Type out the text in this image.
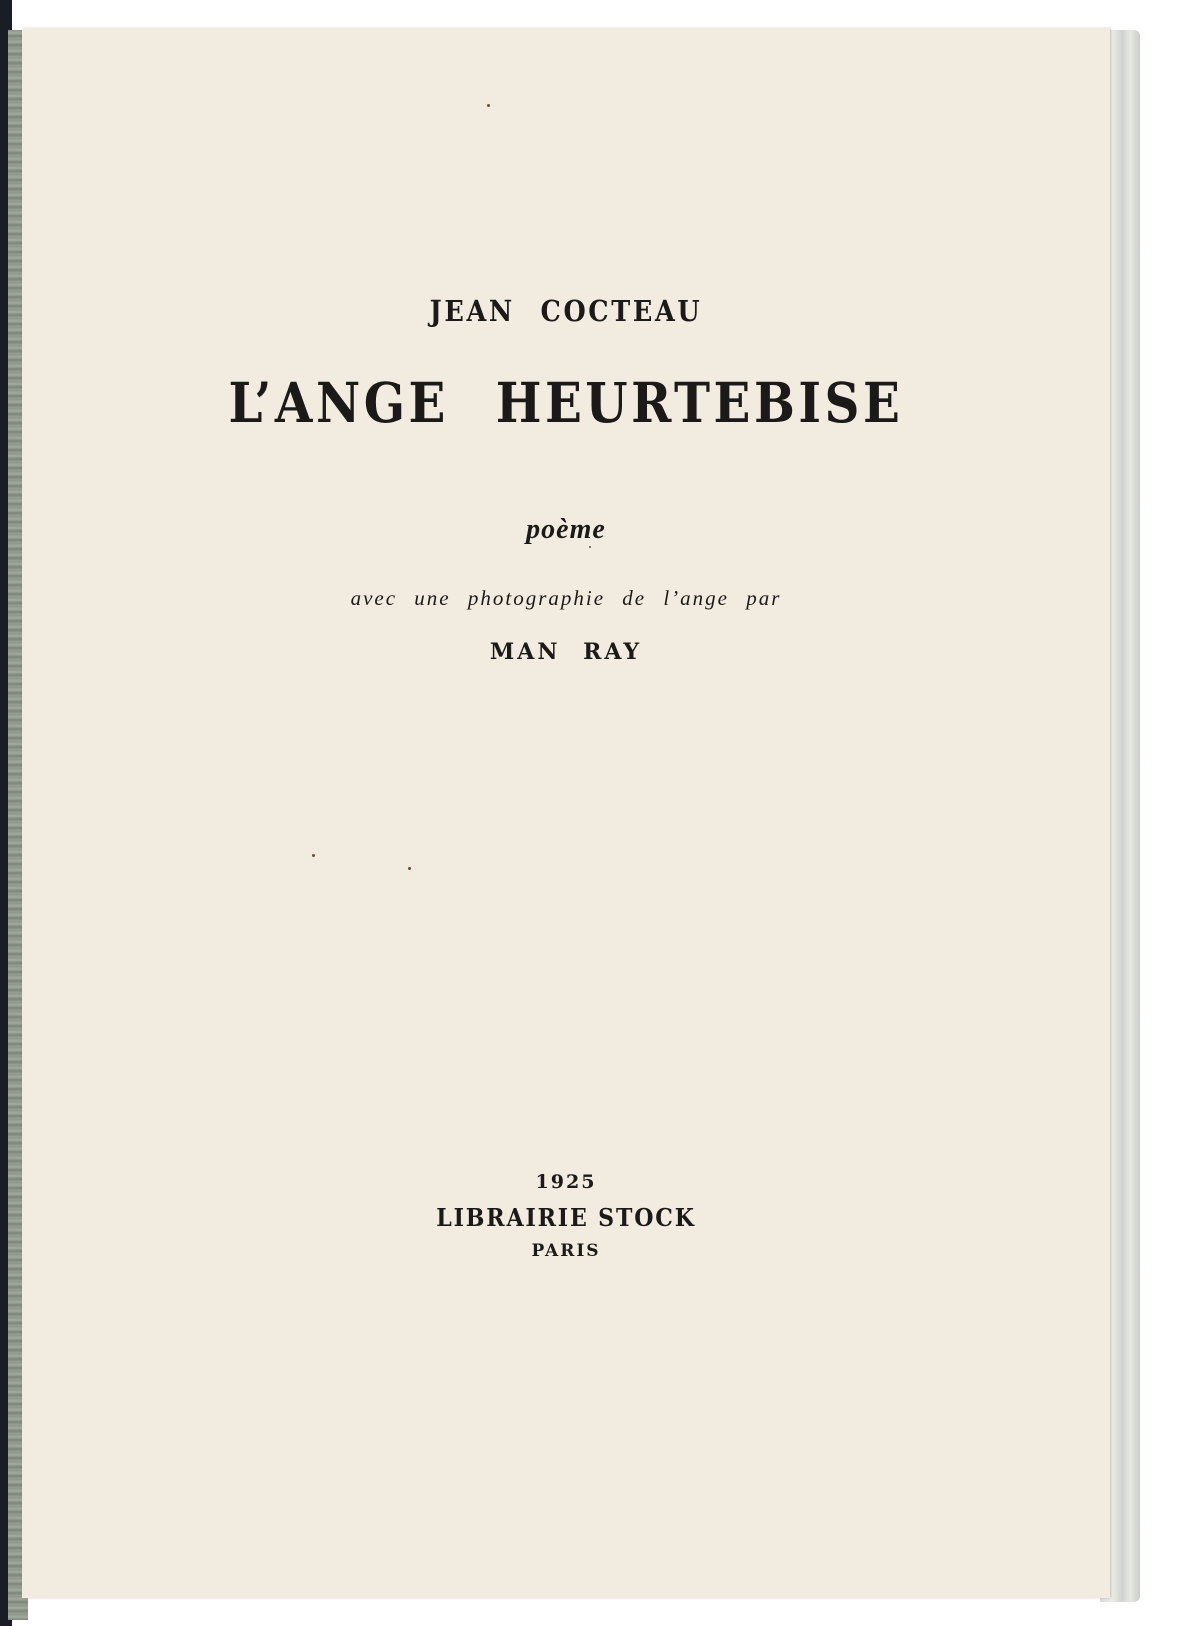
JEAN COCTEAU
L’ANGE HEURTEBISE
poème
avec une photographie de l’ange par
MAN RAY
1925
LIBRAIRIE STOCK
PARIS
